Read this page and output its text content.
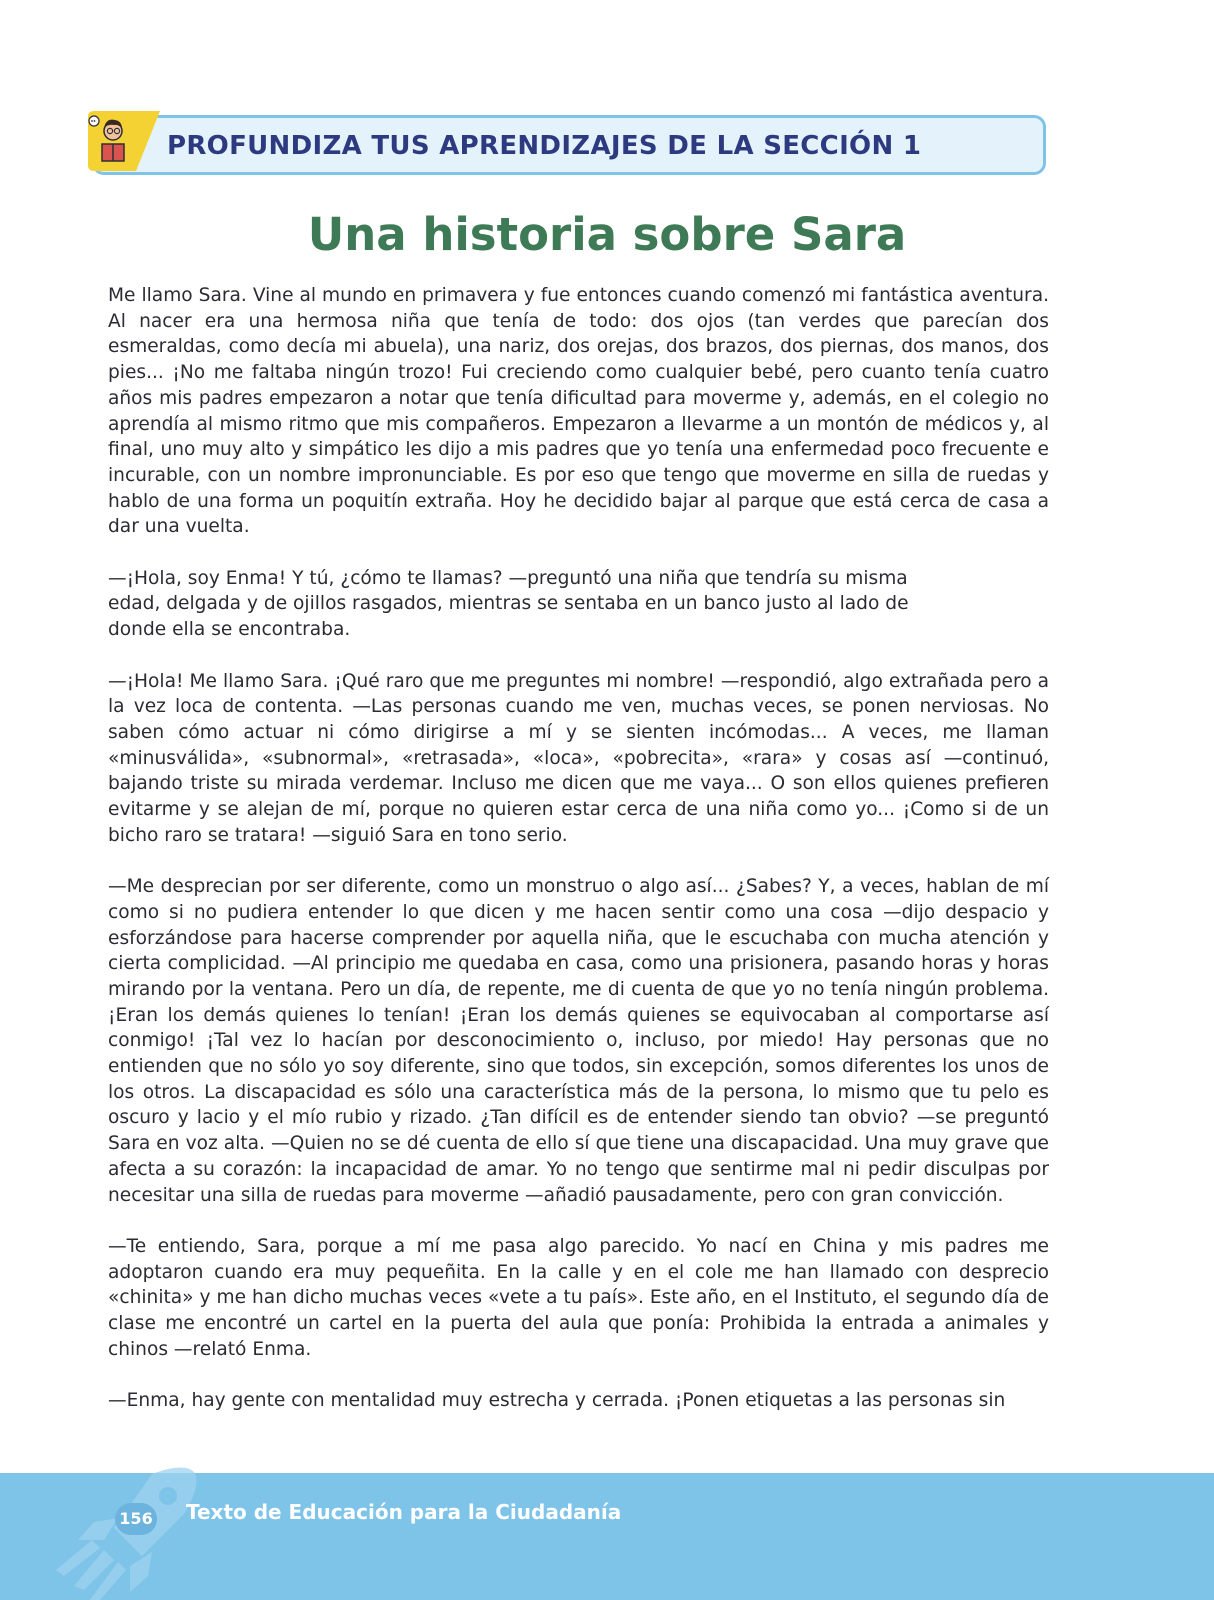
PROFUNDIZA TUS APRENDIZAJES DE LA SECCIÓN 1
Una historia sobre Sara

Me llamo Sara. Vine al mundo en primavera y fue entonces cuando comenzó mi fantástica aventura. Al nacer era una hermosa niña que tenía de todo: dos ojos (tan verdes que parecían dos esmeraldas, como decía mi abuela), una nariz, dos orejas, dos brazos, dos piernas, dos manos, dos pies... ¡No me faltaba ningún trozo! Fui creciendo como cualquier bebé, pero cuanto tenía cuatro años mis padres empezaron a notar que tenía dificultad para moverme y, además, en el colegio no aprendía al mismo ritmo que mis compañeros. Empezaron a llevarme a un montón de médicos y, al final, uno muy alto y simpático les dijo a mis padres que yo tenía una enfermedad poco frecuente e incurable, con un nombre impronunciable. Es por eso que tengo que moverme en silla de ruedas y hablo de una forma un poquitín extraña. Hoy he decidido bajar al parque que está cerca de casa a dar una vuelta.

—¡Hola, soy Enma! Y tú, ¿cómo te llamas? —preguntó una niña que tendría su misma edad, delgada y de ojillos rasgados, mientras se sentaba en un banco justo al lado de donde ella se encontraba.

—¡Hola! Me llamo Sara. ¡Qué raro que me preguntes mi nombre! —respondió, algo extrañada pero a la vez loca de contenta. —Las personas cuando me ven, muchas veces, se ponen nerviosas. No saben cómo actuar ni cómo dirigirse a mí y se sienten incómodas... A veces, me llaman «minusválida», «subnormal», «retrasada», «loca», «pobrecita», «rara» y cosas así —continuó, bajando triste su mirada verdemar. Incluso me dicen que me vaya... O son ellos quienes prefieren evitarme y se alejan de mí, porque no quieren estar cerca de una niña como yo... ¡Como si de un bicho raro se tratara! —siguió Sara en tono serio.

—Me desprecian por ser diferente, como un monstruo o algo así... ¿Sabes? Y, a veces, hablan de mí como si no pudiera entender lo que dicen y me hacen sentir como una cosa —dijo despacio y esforzándose para hacerse comprender por aquella niña, que le escuchaba con mucha atención y cierta complicidad. —Al principio me quedaba en casa, como una prisionera, pasando horas y horas mirando por la ventana. Pero un día, de repente, me di cuenta de que yo no tenía ningún problema. ¡Eran los demás quienes lo tenían! ¡Eran los demás quienes se equivocaban al comportarse así conmigo! ¡Tal vez lo hacían por desconocimiento o, incluso, por miedo! Hay personas que no entienden que no sólo yo soy diferente, sino que todos, sin excepción, somos diferentes los unos de los otros. La discapacidad es sólo una característica más de la persona, lo mismo que tu pelo es oscuro y lacio y el mío rubio y rizado. ¿Tan difícil es de entender siendo tan obvio? —se preguntó Sara en voz alta. —Quien no se dé cuenta de ello sí que tiene una discapacidad. Una muy grave que afecta a su corazón: la incapacidad de amar. Yo no tengo que sentirme mal ni pedir disculpas por necesitar una silla de ruedas para moverme —añadió pausadamente, pero con gran convicción.

—Te entiendo, Sara, porque a mí me pasa algo parecido. Yo nací en China y mis padres me adoptaron cuando era muy pequeñita. En la calle y en el cole me han llamado con desprecio «chinita» y me han dicho muchas veces «vete a tu país». Este año, en el Instituto, el segundo día de clase me encontré un cartel en la puerta del aula que ponía: Prohibida la entrada a animales y chinos —relató Enma.

—Enma, hay gente con mentalidad muy estrecha y cerrada. ¡Ponen etiquetas a las personas sin

156 Texto de Educación para la Ciudadanía
